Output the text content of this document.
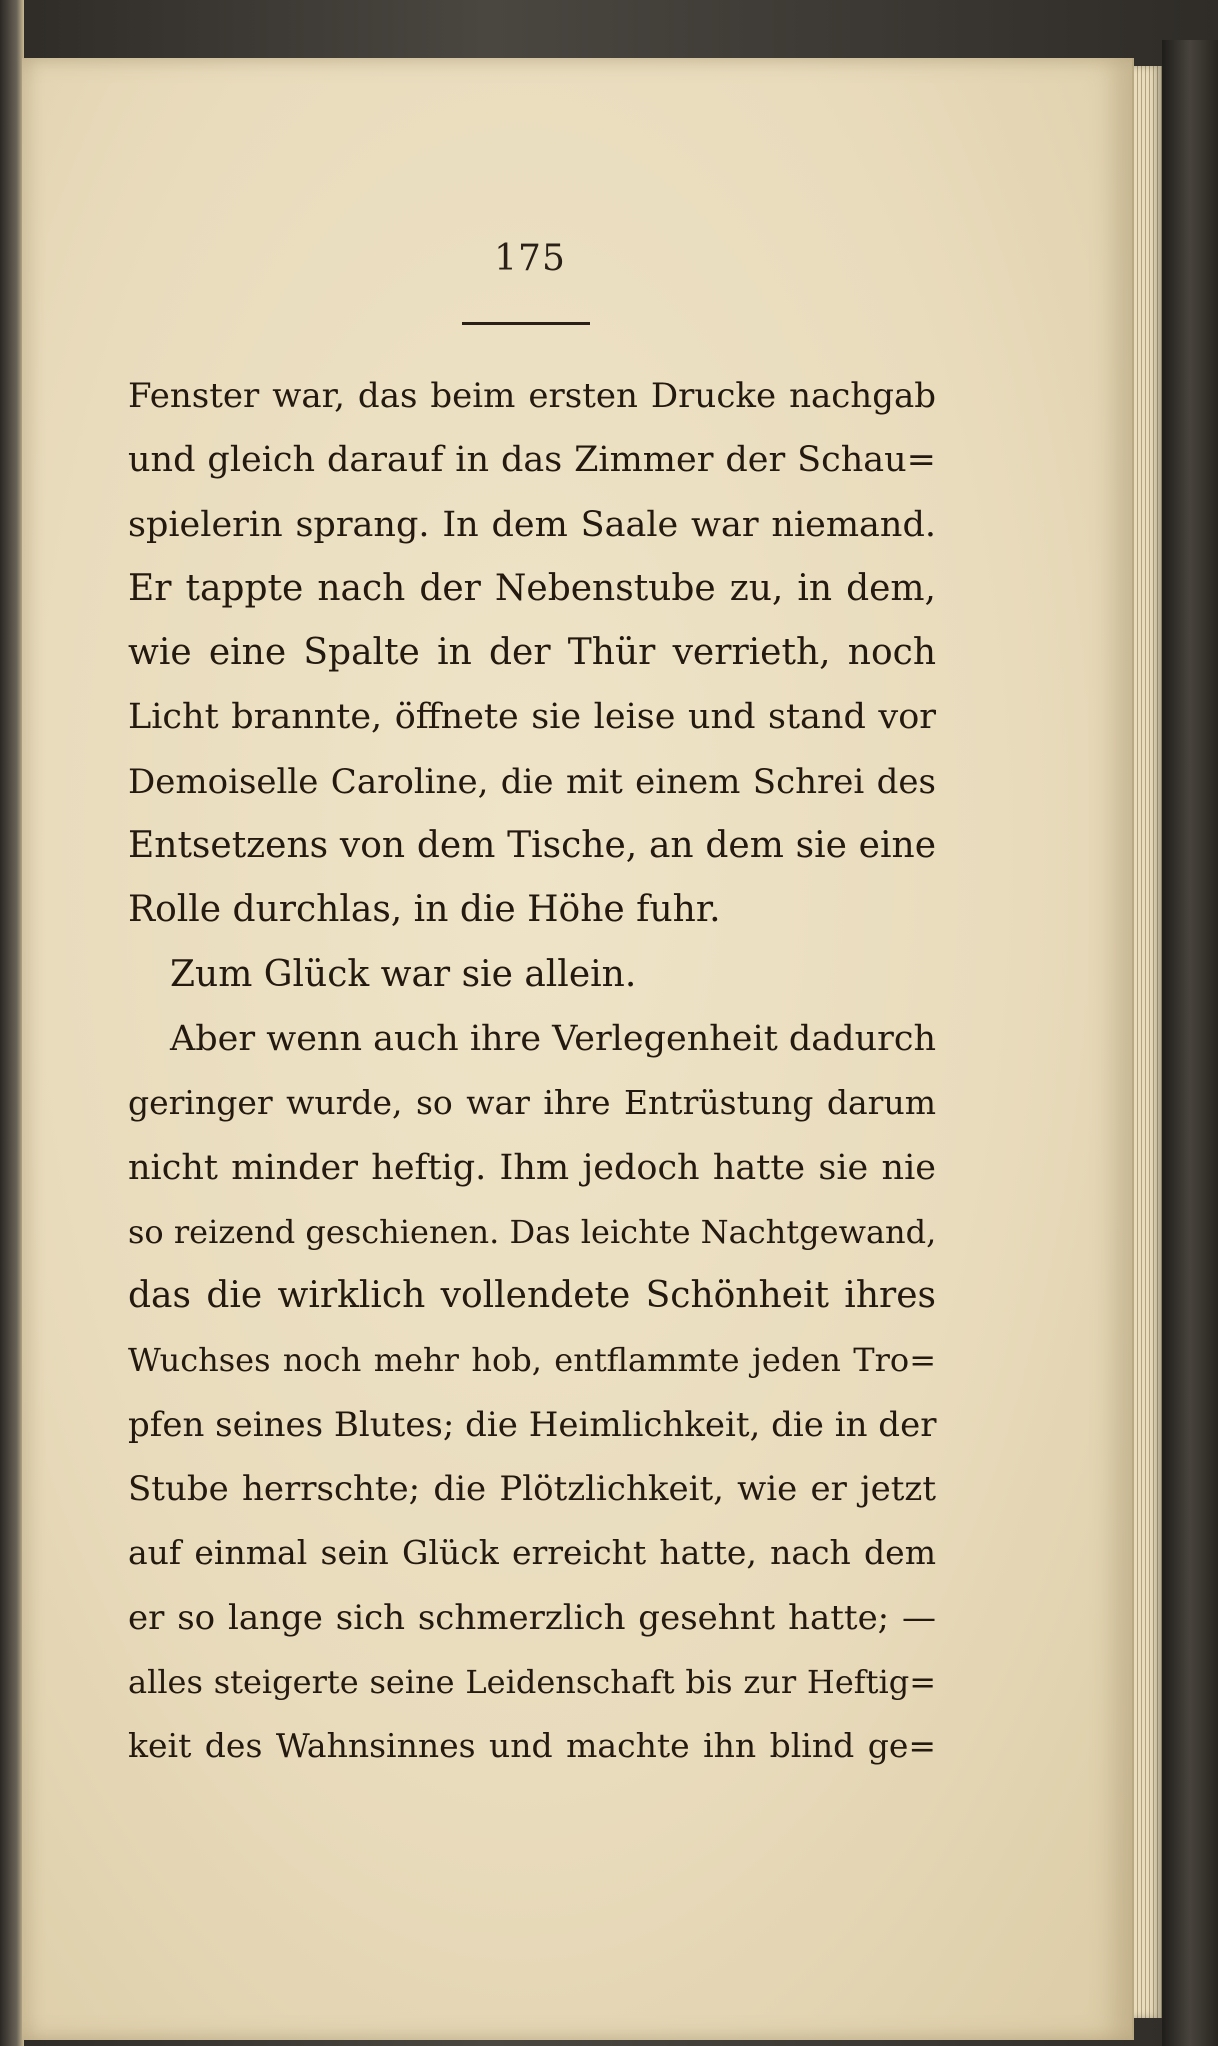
175
Fenster war, das beim ersten Drucke nachgab
und gleich darauf in das Zimmer der Schau=
spielerin sprang. In dem Saale war niemand.
Er tappte nach der Nebenstube zu, in dem,
wie eine Spalte in der Thür verrieth, noch
Licht brannte, öffnete sie leise und stand vor
Demoiselle Caroline, die mit einem Schrei des
Entsetzens von dem Tische, an dem sie eine
Rolle durchlas, in die Höhe fuhr.
Zum Glück war sie allein.
Aber wenn auch ihre Verlegenheit dadurch
geringer wurde, so war ihre Entrüstung darum
nicht minder heftig. Ihm jedoch hatte sie nie
so reizend geschienen. Das leichte Nachtgewand,
das die wirklich vollendete Schönheit ihres
Wuchses noch mehr hob, entflammte jeden Tro=
pfen seines Blutes; die Heimlichkeit, die in der
Stube herrschte; die Plötzlichkeit, wie er jetzt
auf einmal sein Glück erreicht hatte, nach dem
er so lange sich schmerzlich gesehnt hatte; —
alles steigerte seine Leidenschaft bis zur Heftig=
keit des Wahnsinnes und machte ihn blind ge=
